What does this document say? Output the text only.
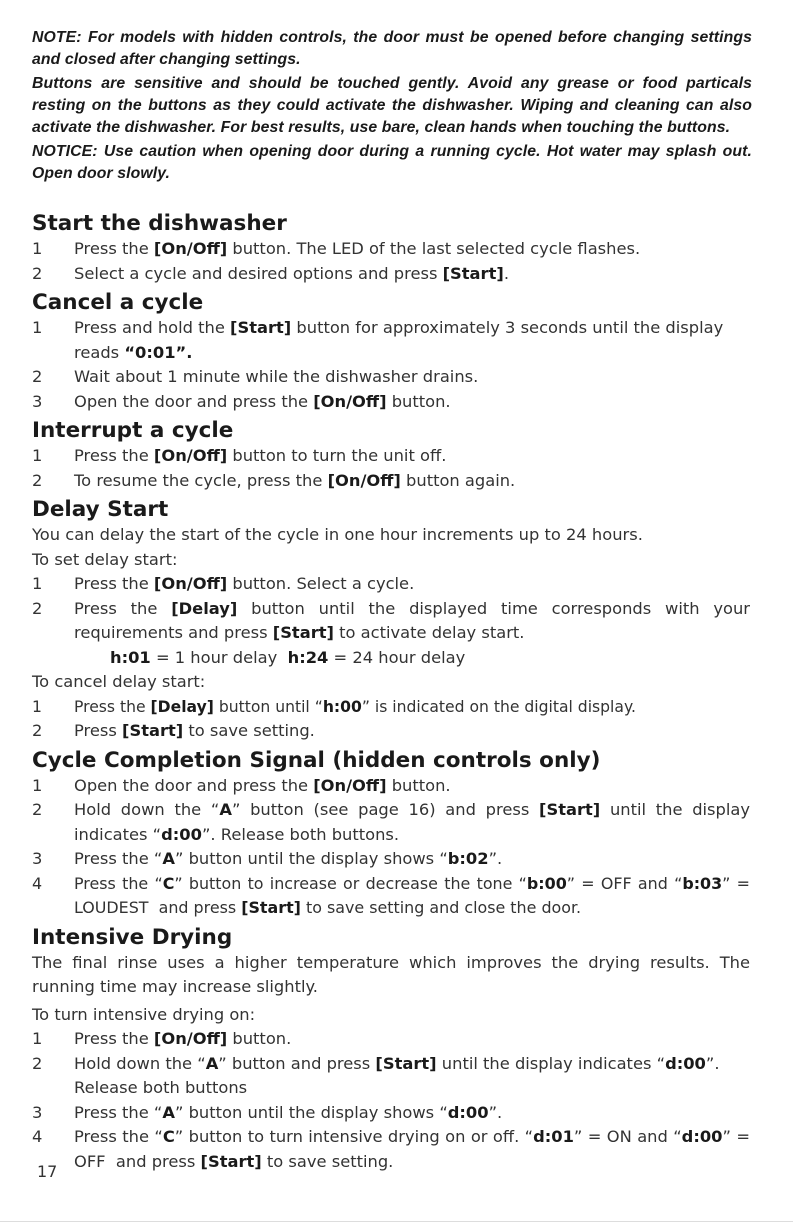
NOTE: For models with hidden controls, the door must be opened before changing settings and closed after changing settings.

Buttons are sensitive and should be touched gently. Avoid any grease or food particals resting on the buttons as they could activate the dishwasher. Wiping and cleaning can also activate the dishwasher. For best results, use bare, clean hands when touching the buttons.

NOTICE: Use caution when opening door during a running cycle. Hot water may splash out. Open door slowly.

Start the dishwasher
1	Press the [On/Off] button. The LED of the last selected cycle flashes.
2	Select a cycle and desired options and press [Start].
Cancel a cycle
1	Press and hold the [Start] button for approximately 3 seconds until the display reads “0:01”.
2	Wait about 1 minute while the dishwasher drains.
3	Open the door and press the [On/Off] button.
Interrupt a cycle
1	Press the [On/Off] button to turn the unit off.
2	To resume the cycle, press the [On/Off] button again.
Delay Start

You can delay the start of the cycle in one hour increments up to 24 hours.

To set delay start:

1	Press the [On/Off] button. Select a cycle.
2	Press the [Delay] button until the displayed time corresponds with your requirements and press [Start] to activate delay start.
h:01 = 1 hour delay  h:24 = 24 hour delay

To cancel delay start:

1	Press the [Delay] button until “h:00” is indicated on the digital display.
2	Press [Start] to save setting.
Cycle Completion Signal (hidden controls only)
1	Open the door and press the [On/Off] button.
2	Hold down the “A” button (see page 16) and press [Start] until the display indicates “d:00”. Release both buttons.
3	Press the “A” button until the display shows “b:02”.
4	Press the “C” button to increase or decrease the tone “b:00” = OFF and “b:03” = LOUDEST  and press [Start] to save setting and close the door.
Intensive Drying

The final rinse uses a higher temperature which improves the drying results. The running time may increase slightly.

To turn intensive drying on:

1	Press the [On/Off] button.
2	Hold down the “A” button and press [Start] until the display indicates “d:00”. Release both buttons
3	Press the “A” button until the display shows “d:00”.
4	Press the “C” button to turn intensive drying on or off. “d:01” = ON and “d:00” = OFF  and press [Start] to save setting.
17
